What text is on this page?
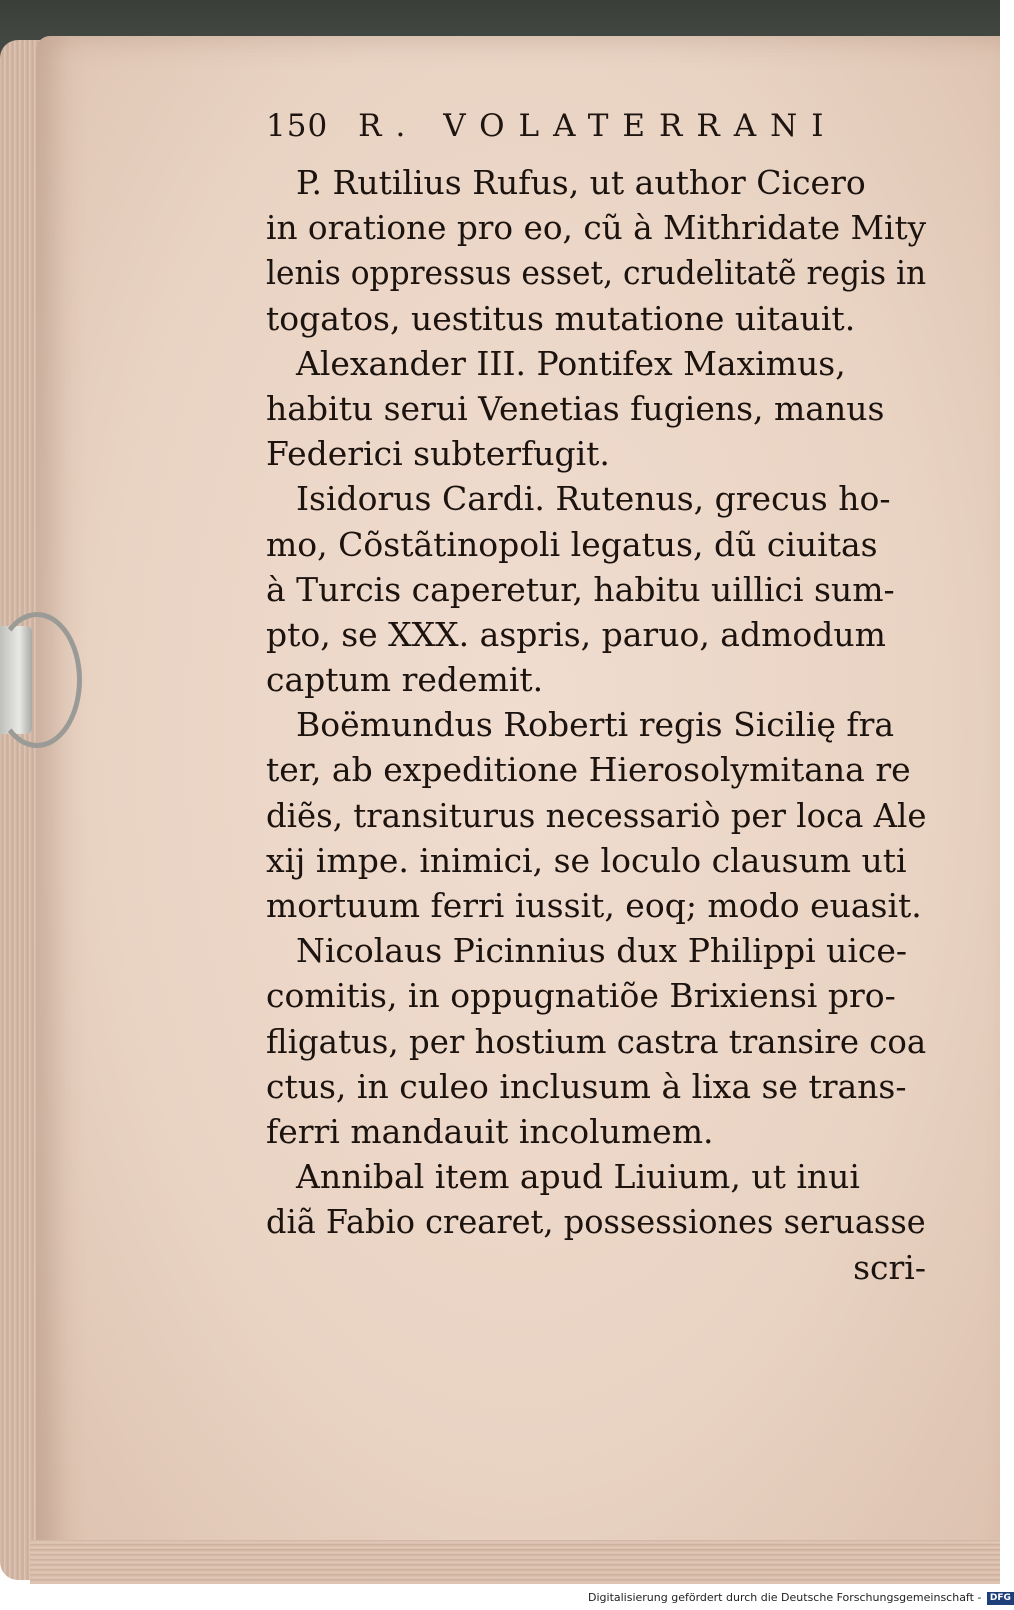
150 R. VOLATERRANI
P. Rutilius Rufus, ut author Cicero
in oratione pro eo, cũ à Mithridate Mity
lenis oppressus esset, crudelitatẽ regis in
togatos, uestitus mutatione uitauit.
Alexander III. Pontifex Maximus,
habitu serui Venetias fugiens, manus
Federici subterfugit.
Isidorus Cardi. Rutenus, grecus ho-
mo, Cõstãtinopoli legatus, dũ ciuitas
à Turcis caperetur, habitu uillici sum-
pto, se XXX. aspris, paruo, admodum
captum redemit.
Boëmundus Roberti regis Sicilię fra
ter, ab expeditione Hierosolymitana re
diẽs, transiturus necessariò per loca Ale
xij impe. inimici, se loculo clausum uti
mortuum ferri iussit, eoq; modo euasit.
Nicolaus Picinnius dux Philippi uice-
comitis, in oppugnatiõe Brixiensi pro-
fligatus, per hostium castra transire coa
ctus, in culeo inclusum à lixa se trans-
ferri mandauit incolumem.
Annibal item apud Liuium, ut inui
diã Fabio crearet, possessiones seruasse
scri-
Digitalisierung gefördert durch die Deutsche Forschungsgemeinschaft - DFG
